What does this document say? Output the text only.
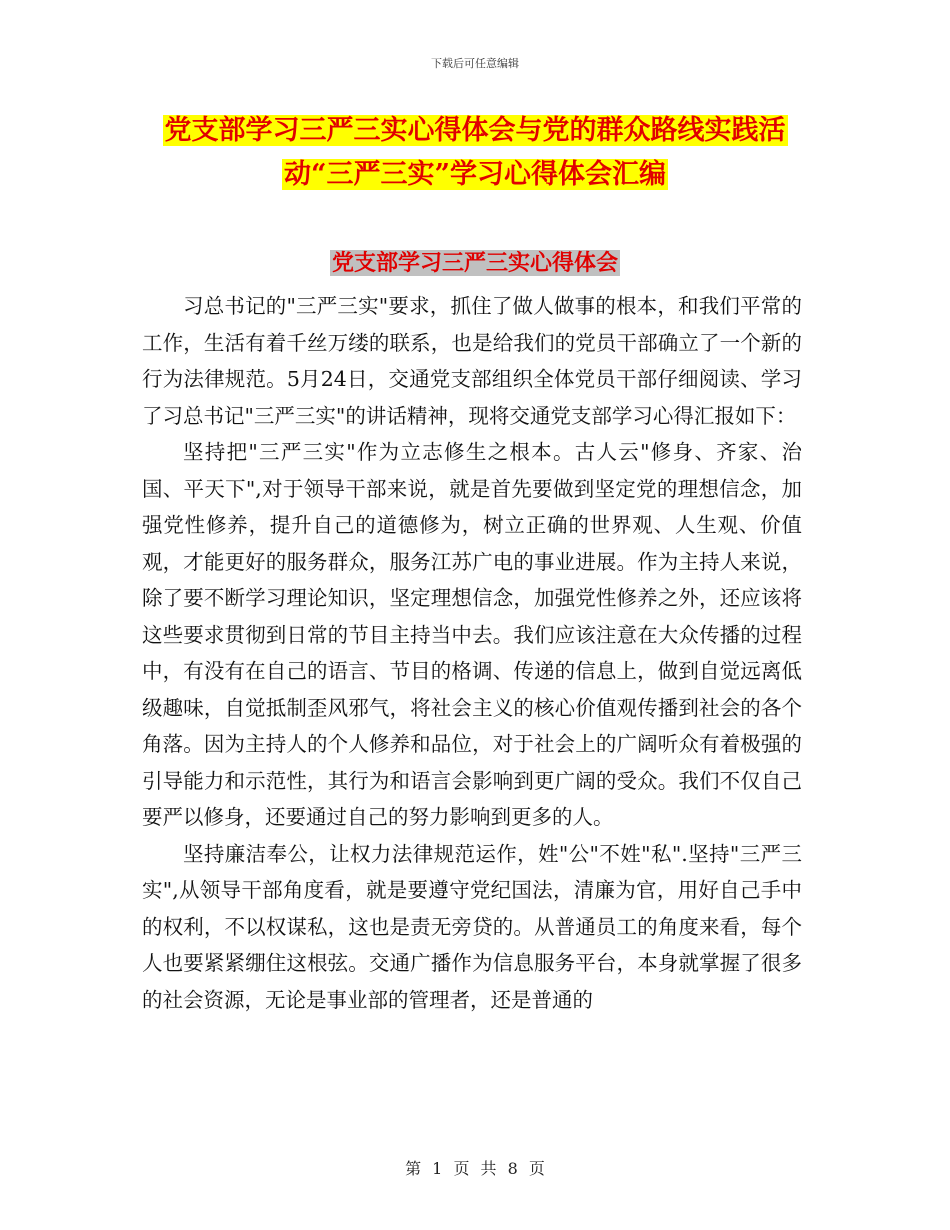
下载后可任意编辑
党支部学习三严三实心得体会与党的群众路线实践活
动“三严三实”学习心得体会汇编
党支部学习三严三实心得体会

习总书记的"三严三实"要求，抓住了做人做事的根本，和我们平常的工作，生活有着千丝万缕的联系，也是给我们的党员干部确立了一个新的行为法律规范。5月24日，交通党支部组织全体党员干部仔细阅读、学习了习总书记"三严三实"的讲话精神，现将交通党支部学习心得汇报如下：

坚持把"三严三实"作为立志修生之根本。古人云"修身、齐家、治国、平天下",对于领导干部来说，就是首先要做到坚定党的理想信念，加强党性修养，提升自己的道德修为，树立正确的世界观、人生观、价值观，才能更好的服务群众，服务江苏广电的事业进展。作为主持人来说，除了要不断学习理论知识，坚定理想信念，加强党性修养之外，还应该将这些要求贯彻到日常的节目主持当中去。我们应该注意在大众传播的过程中，有没有在自己的语言、节目的格调、传递的信息上，做到自觉远离低级趣味，自觉抵制歪风邪气，将社会主义的核心价值观传播到社会的各个角落。因为主持人的个人修养和品位，对于社会上的广阔听众有着极强的引导能力和示范性，其行为和语言会影响到更广阔的受众。我们不仅自己要严以修身，还要通过自己的努力影响到更多的人。

坚持廉洁奉公，让权力法律规范运作，姓"公"不姓"私".坚持"三严三实",从领导干部角度看，就是要遵守党纪国法，清廉为官，用好自己手中的权利，不以权谋私，这也是责无旁贷的。从普通员工的角度来看，每个人也要紧紧绷住这根弦。交通广播作为信息服务平台，本身就掌握了很多的社会资源，无论是事业部的管理者，还是普通的

第 1 页 共 8 页
